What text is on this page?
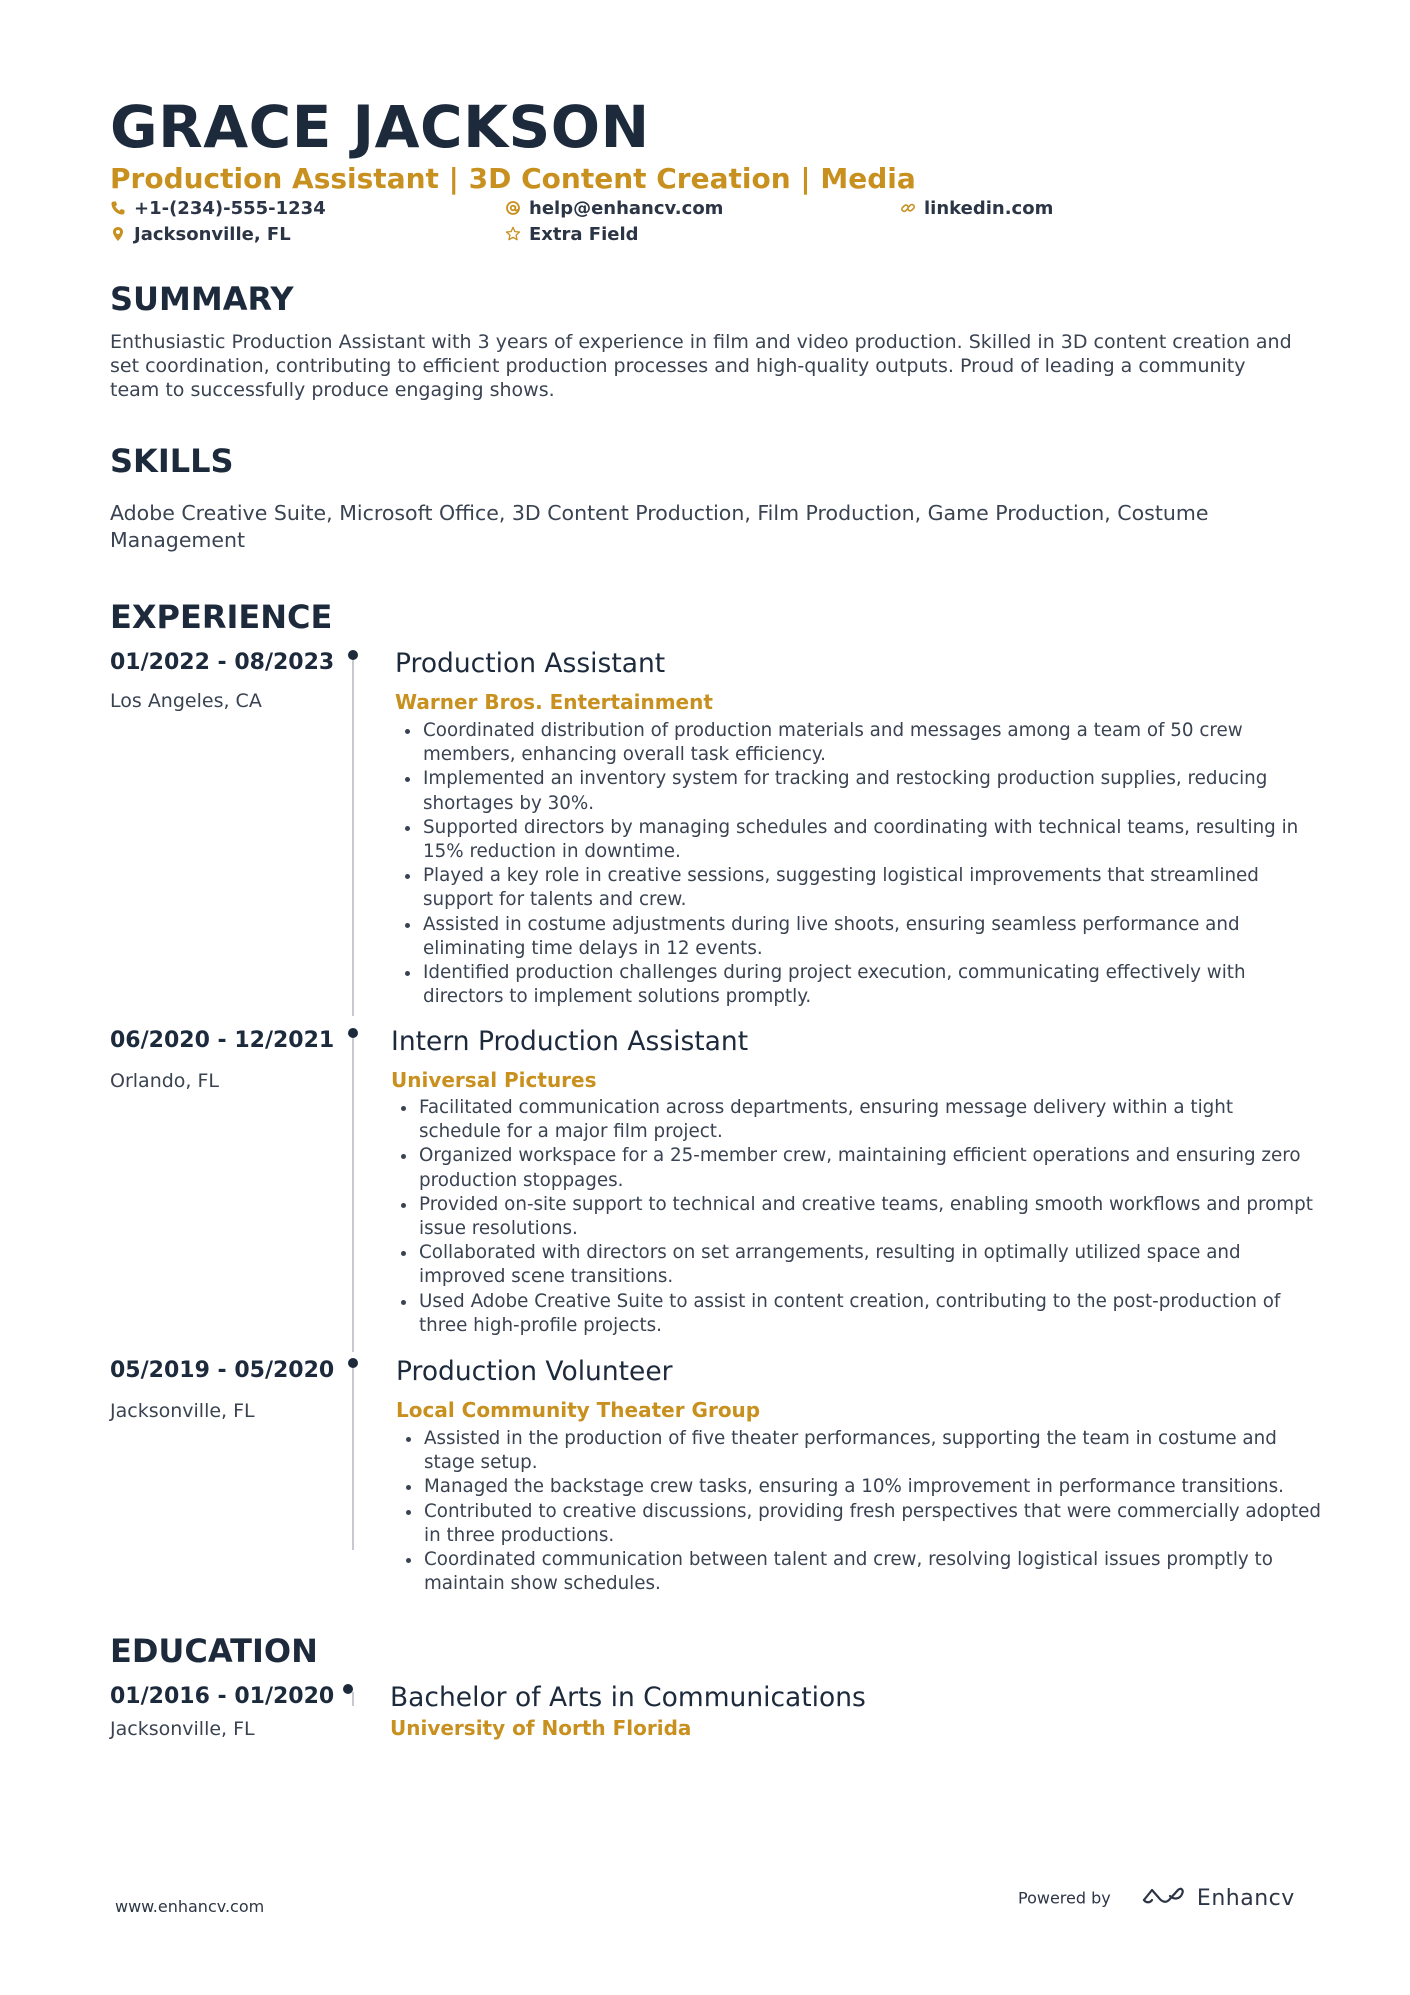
GRACE JACKSON
Production Assistant | 3D Content Creation | Media
+1-(234)-555-1234	help@enhancv.com	linkedin.com
Jacksonville, FL	Extra Field
SUMMARY

Enthusiastic Production Assistant with 3 years of experience in film and video production. Skilled in 3D content creation and set coordination, contributing to efficient production processes and high-quality outputs. Proud of leading a community team to successfully produce engaging shows.

SKILLS

Adobe Creative Suite, Microsoft Office, 3D Content Production, Film Production, Game Production, Costume Management

EXPERIENCE
01/2022 - 08/2023
Los Angeles, CA
Production Assistant
Warner Bros. Entertainment
Coordinated distribution of production materials and messages among a team of 50 crew members, enhancing overall task efficiency.
Implemented an inventory system for tracking and restocking production supplies, reducing shortages by 30%.
Supported directors by managing schedules and coordinating with technical teams, resulting in 15% reduction in downtime.
Played a key role in creative sessions, suggesting logistical improvements that streamlined support for talents and crew.
Assisted in costume adjustments during live shoots, ensuring seamless performance and eliminating time delays in 12 events.
Identified production challenges during project execution, communicating effectively with directors to implement solutions promptly.
06/2020 - 12/2021
Orlando, FL
Intern Production Assistant
Universal Pictures
Facilitated communication across departments, ensuring message delivery within a tight schedule for a major film project.
Organized workspace for a 25-member crew, maintaining efficient operations and ensuring zero production stoppages.
Provided on-site support to technical and creative teams, enabling smooth workflows and prompt issue resolutions.
Collaborated with directors on set arrangements, resulting in optimally utilized space and improved scene transitions.
Used Adobe Creative Suite to assist in content creation, contributing to the post-production of three high-profile projects.
05/2019 - 05/2020
Jacksonville, FL
Production Volunteer
Local Community Theater Group
Assisted in the production of five theater performances, supporting the team in costume and stage setup.
Managed the backstage crew tasks, ensuring a 10% improvement in performance transitions.
Contributed to creative discussions, providing fresh perspectives that were commercially adopted in three productions.
Coordinated communication between talent and crew, resolving logistical issues promptly to maintain show schedules.
EDUCATION
01/2016 - 01/2020
Jacksonville, FL
Bachelor of Arts in Communications
University of North Florida
www.enhancv.com	Powered by	Enhancv
